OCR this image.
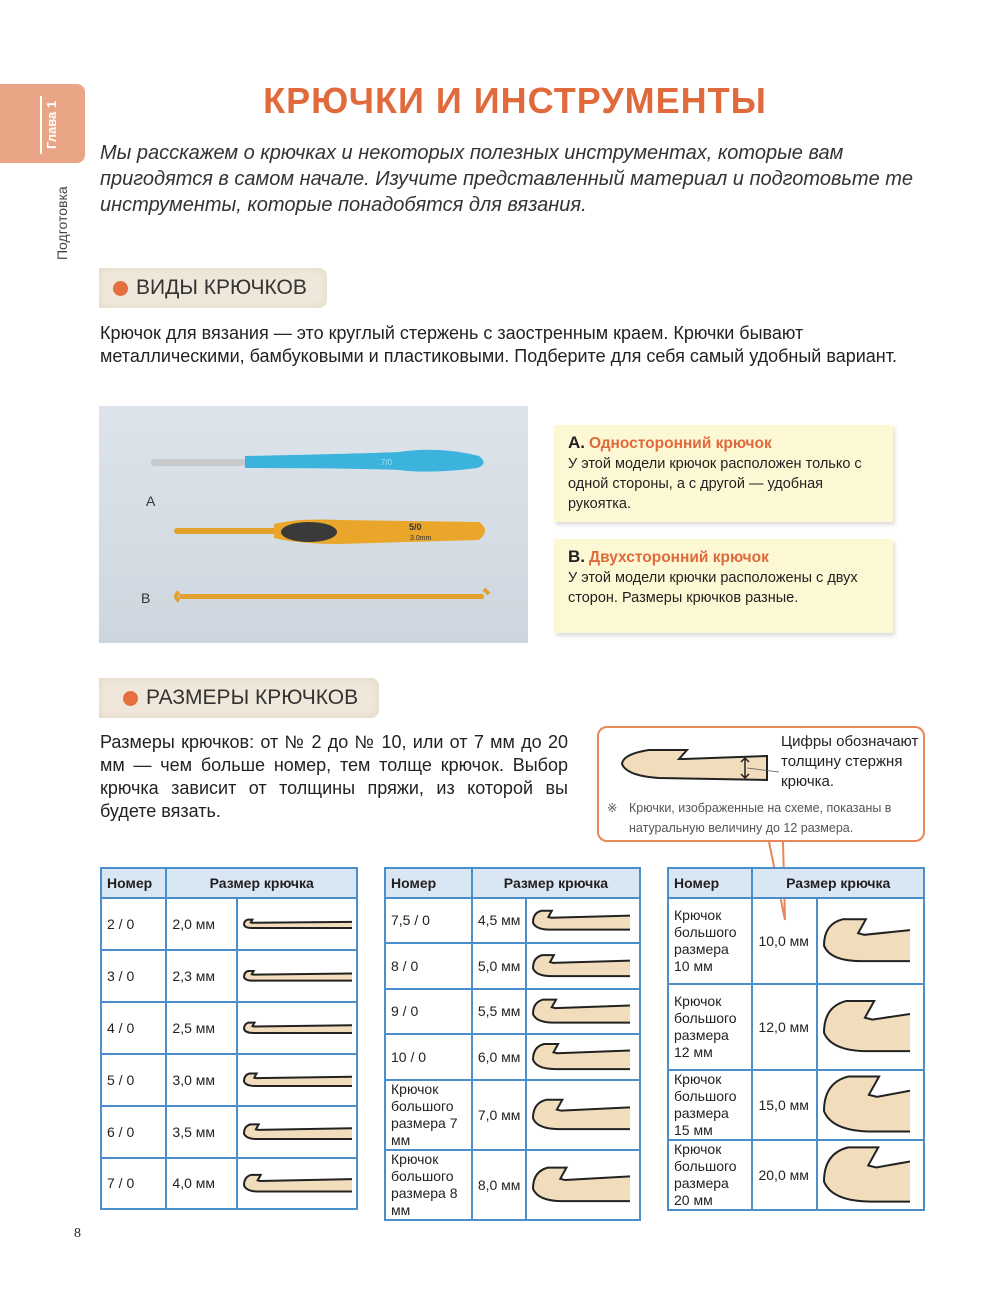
Глава 1
Подготовка
КРЮЧКИ И ИНСТРУМЕНТЫ
Мы расскажем о крючках и некоторых полезных инструментах, которые вам пригодятся в самом начале. Изучите представленный материал и подготовьте те инструменты, которые понадобятся для вязания.
ВИДЫ КРЮЧКОВ
Крючок для вязания — это круглый стержень с заостренным краем. Крючки бывают металлическими, бамбуковыми и пластиковыми. Подберите для себя самый удобный вариант.
7/0
5/0
3.0mm
A
B
A. Односторонний крючок
У этой модели крючок расположен только с одной стороны, а с другой — удобная рукоятка.
B. Двухсторонний крючок
У этой модели крючки расположены с двух сторон. Размеры крючков разные.
РАЗМЕРЫ КРЮЧКОВ
Размеры крючков: от № 2 до № 10, или от 7 мм до 20 мм — чем больше номер, тем толще крючок. Выбор крючка зависит от толщины пряжи, из которой вы будете вязать.
Цифры обозначают толщину стержня крючка.
※ Крючки, изображенные на схеме, показаны в натуральную величину до 12 размера.
Номер	Размер крючка	
2 / 0	2,0 мм	

3 / 0	2,3 мм	

4 / 0	2,5 мм	

5 / 0	3,0 мм	

6 / 0	3,5 мм	

7 / 0	4,0 мм	
Номер	Размер крючка	
7,5 / 0	4,5 мм	

8 / 0	5,0 мм	

9 / 0	5,5 мм	

10 / 0	6,0 мм	

Крючок большого размера 7 мм	7,0 мм	

Крючок большого размера 8 мм	8,0 мм	
Номер	Размер крючка	
Крючок большого размера 10 мм	10,0 мм	

Крючок большого размера 12 мм	12,0 мм	

Крючок большого размера 15 мм	15,0 мм	

Крючок большого размера 20 мм	20,0 мм	
8
